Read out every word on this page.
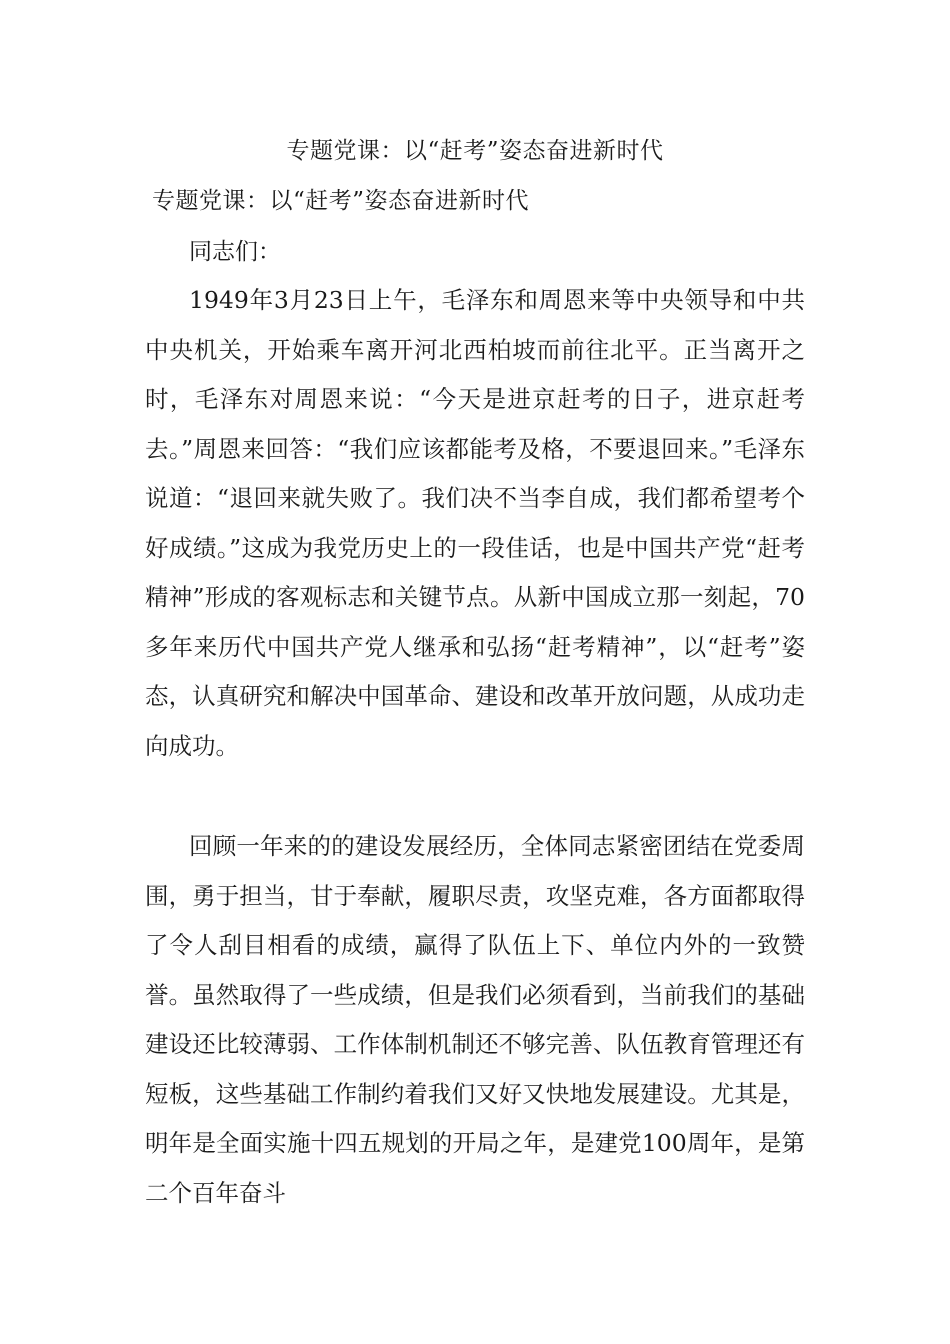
专题党课：以“赶考”姿态奋进新时代
专题党课：以“赶考”姿态奋进新时代
同志们：

1949年3月23日上午，毛泽东和周恩来等中央领导和中共中央机关，开始乘车离开河北西柏坡而前往北平。正当离开之时，毛泽东对周恩来说：“今天是进京赶考的日子，进京赶考去。”周恩来回答：“我们应该都能考及格，不要退回来。”毛泽东说道：“退回来就失败了。我们决不当李自成，我们都希望考个好成绩。”这成为我党历史上的一段佳话，也是中国共产党“赶考精神”形成的客观标志和关键节点。从新中国成立那一刻起，70多年来历代中国共产党人继承和弘扬“赶考精神”，以“赶考”姿态，认真研究和解决中国革命、建设和改革开放问题，从成功走向成功。

回顾一年来的的建设发展经历，全体同志紧密团结在党委周围，勇于担当，甘于奉献，履职尽责，攻坚克难，各方面都取得了令人刮目相看的成绩，赢得了队伍上下、单位内外的一致赞誉。虽然取得了一些成绩，但是我们必须看到，当前我们的基础建设还比较薄弱、工作体制机制还不够完善、队伍教育管理还有短板，这些基础工作制约着我们又好又快地发展建设。尤其是，明年是全面实施十四五规划的开局之年，是建党100周年，是第二个百年奋斗
